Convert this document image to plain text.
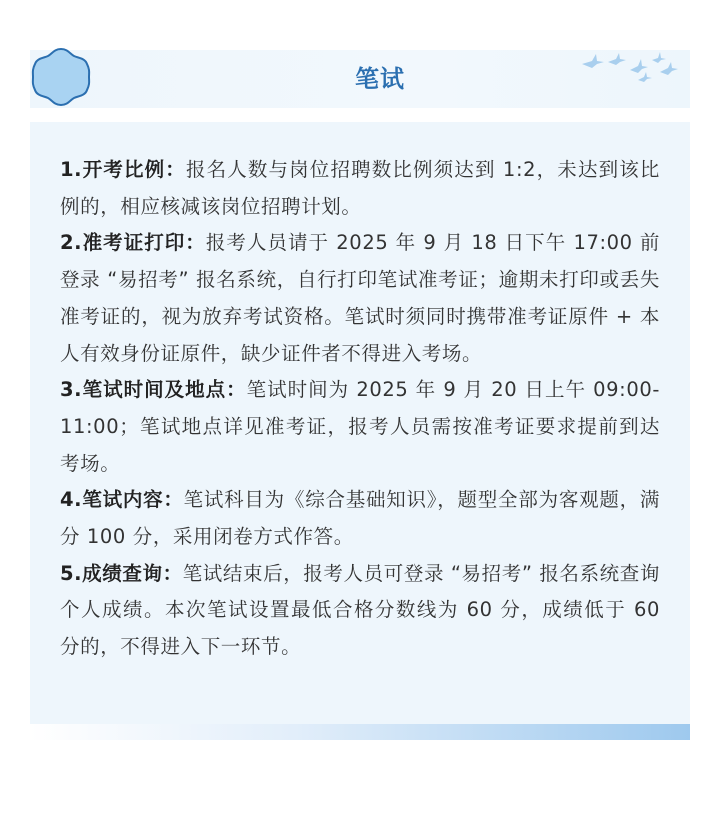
笔试

1.开考比例：报名人数与岗位招聘数比例须达到 1:2，未达到该比例的，相应核减该岗位招聘计划。

2.准考证打印：报考人员请于 2025 年 9 月 18 日下午 17:00 前登录 “易招考” 报名系统，自行打印笔试准考证；逾期未打印或丢失准考证的，视为放弃考试资格。笔试时须同时携带准考证原件 + 本人有效身份证原件，缺少证件者不得进入考场。

3.笔试时间及地点：笔试时间为 2025 年 9 月 20 日上午 09:00-11:00；笔试地点详见准考证，报考人员需按准考证要求提前到达考场。

4.笔试内容：笔试科目为《综合基础知识》，题型全部为客观题，满分 100 分，采用闭卷方式作答。

5.成绩查询：笔试结束后，报考人员可登录 “易招考” 报名系统查询个人成绩。本次笔试设置最低合格分数线为 60 分，成绩低于 60 分的，不得进入下一环节。
